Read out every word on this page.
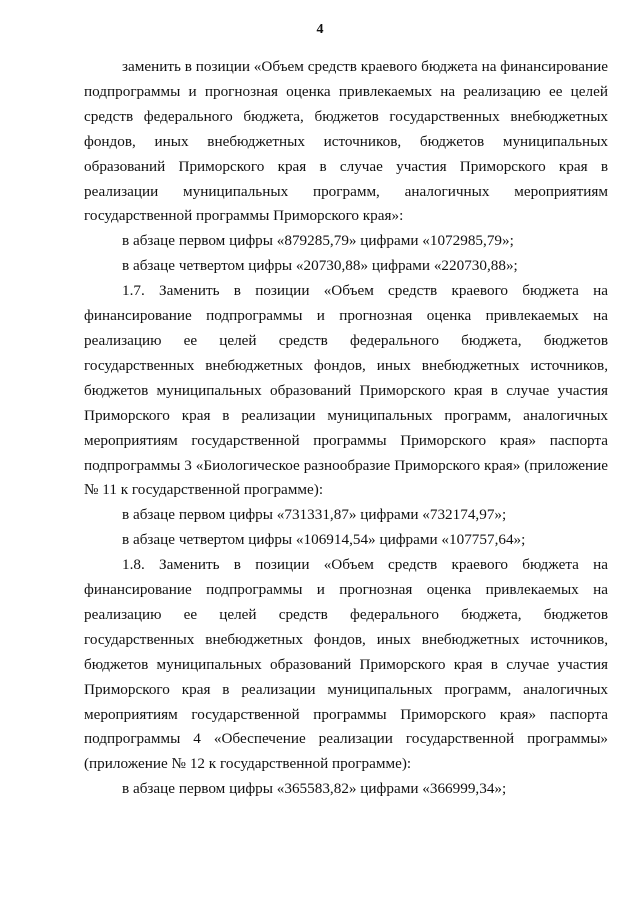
4

заменить в позиции «Объем средств краевого бюджета на финансирование подпрограммы и прогнозная оценка привлекаемых на реализацию ее целей средств федерального бюджета, бюджетов государственных внебюджетных фондов, иных внебюджетных источников, бюджетов муниципальных образований Приморского края в случае участия Приморского края в реализации муниципальных программ, аналогичных мероприятиям государственной программы Приморского края»:

в абзаце первом цифры «879285,79» цифрами «1072985,79»;

в абзаце четвертом цифры «20730,88» цифрами «220730,88»;

1.7. Заменить в позиции «Объем средств краевого бюджета на финансирование подпрограммы и прогнозная оценка привлекаемых на реализацию ее целей средств федерального бюджета, бюджетов государственных внебюджетных фондов, иных внебюджетных источников, бюджетов муниципальных образований Приморского края в случае участия Приморского края в реализации муниципальных программ, аналогичных мероприятиям государственной программы Приморского края» паспорта подпрограммы 3 «Биологическое разнообразие Приморского края» (приложение № 11 к государственной программе):

в абзаце первом цифры «731331,87» цифрами «732174,97»;

в абзаце четвертом цифры «106914,54» цифрами «107757,64»;

1.8. Заменить в позиции «Объем средств краевого бюджета на финансирование подпрограммы и прогнозная оценка привлекаемых на реализацию ее целей средств федерального бюджета, бюджетов государственных внебюджетных фондов, иных внебюджетных источников, бюджетов муниципальных образований Приморского края в случае участия Приморского края в реализации муниципальных программ, аналогичных мероприятиям государственной программы Приморского края» паспорта подпрограммы 4 «Обеспечение реализации государственной программы» (приложение № 12 к государственной программе):

в абзаце первом цифры «365583,82» цифрами «366999,34»;
